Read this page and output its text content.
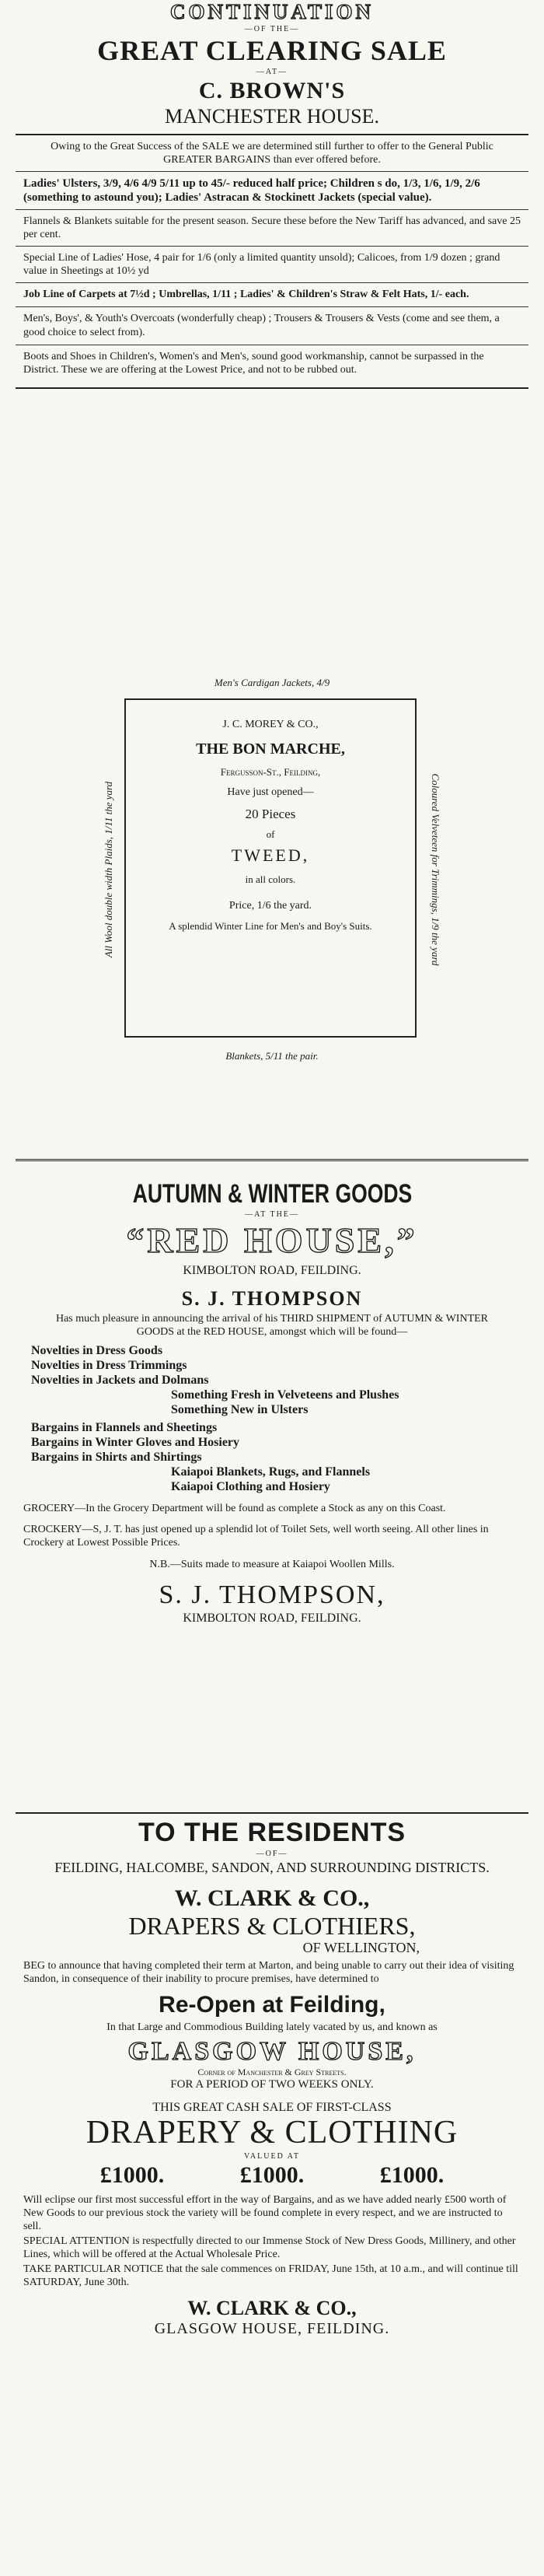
CONTINUATION
—OF THE—
GREAT CLEARING SALE
—AT—
C. BROWN'S
MANCHESTER HOUSE.

Owing to the Great Success of the SALE we are determined still further to offer to the General Public GREATER BARGAINS than ever offered before.

Ladies' Ulsters, 3/9, 4/6 4/9 5/11 up to 45/- reduced half price; Children s do, 1/3, 1/6, 1/9, 2/6 (something to astound you); Ladies' Astracan & Stockinett Jackets (special value).

Flannels & Blankets suitable for the present season. Secure these before the New Tariff has advanced, and save 25 per cent.

Special Line of Ladies' Hose, 4 pair for 1/6 (only a limited quantity unsold); Calicoes, from 1/9 dozen ; grand value in Sheetings at 10½ yd

Job Line of Carpets at 7½d ; Umbrellas, 1/11 ; Ladies' & Children's Straw & Felt Hats, 1/- each.

Men's, Boys', & Youth's Overcoats (wonderfully cheap) ; Trousers & Trousers & Vests (come and see them, a good choice to select from).

Boots and Shoes in Children's, Women's and Men's, sound good workmanship, cannot be surpassed in the District. These we are offering at the Lowest Price, and not to be rubbed out.

Men's Cardigan Jackets, 4/9
Blankets, 5/11 the pair.
All Wool double width Plaids, 1/11 the yard	Coloured Velveteen for Trimmings, 1/9 the yard
J. C. MOREY & CO.,
THE BON MARCHE,
Fergusson-St., Feilding,
Have just opened—
20 Pieces
of
TWEED,
in all colors.
Price, 1/6 the yard.
A splendid Winter Line for Men's and Boy's Suits.
AUTUMN & WINTER GOODS
—AT THE—
“RED HOUSE,”
KIMBOLTON ROAD, FEILDING.
S. J. THOMPSON

Has much pleasure in announcing the arrival of his THIRD SHIPMENT of AUTUMN & WINTER GOODS at the RED HOUSE, amongst which will be found—

Novelties in Dress Goods
Novelties in Dress Trimmings
Novelties in Jackets and Dolmans
Something Fresh in Velveteens and Plushes
Something New in Ulsters
Bargains in Flannels and Sheetings
Bargains in Winter Gloves and Hosiery
Bargains in Shirts and Shirtings
Kaiapoi Blankets, Rugs, and Flannels
Kaiapoi Clothing and Hosiery

GROCERY—In the Grocery Department will be found as complete a Stock as any on this Coast.

CROCKERY—S, J. T. has just opened up a splendid lot of Toilet Sets, well worth seeing. All other lines in Crockery at Lowest Possible Prices.

N.B.—Suits made to measure at Kaiapoi Woollen Mills.

S. J. THOMPSON,
KIMBOLTON ROAD, FEILDING.
TO THE RESIDENTS
—OF—
FEILDING, HALCOMBE, SANDON, AND SURROUNDING DISTRICTS.
W. CLARK & CO.,
DRAPERS & CLOTHIERS,
OF WELLINGTON,

BEG to announce that having completed their term at Marton, and being unable to carry out their idea of visiting Sandon, in consequence of their inability to procure premises, have determined to

Re-Open at Feilding,

In that Large and Commodious Building lately vacated by us, and known as

GLASGOW HOUSE,
Corner of Manchester & Grey Streets.
FOR A PERIOD OF TWO WEEKS ONLY.
THIS GREAT CASH SALE OF FIRST-CLASS
DRAPERY & CLOTHING
VALUED AT
£1000.	£1000.	£1000.

Will eclipse our first most successful effort in the way of Bargains, and as we have added nearly £500 worth of New Goods to our previous stock the variety will be found complete in every respect, and we are instructed to sell.

SPECIAL ATTENTION is respectfully directed to our Immense Stock of New Dress Goods, Millinery, and other Lines, which will be offered at the Actual Wholesale Price.

TAKE PARTICULAR NOTICE that the sale commences on FRIDAY, June 15th, at 10 a.m., and will continue till SATURDAY, June 30th.

W. CLARK & CO.,
GLASGOW HOUSE, FEILDING.
